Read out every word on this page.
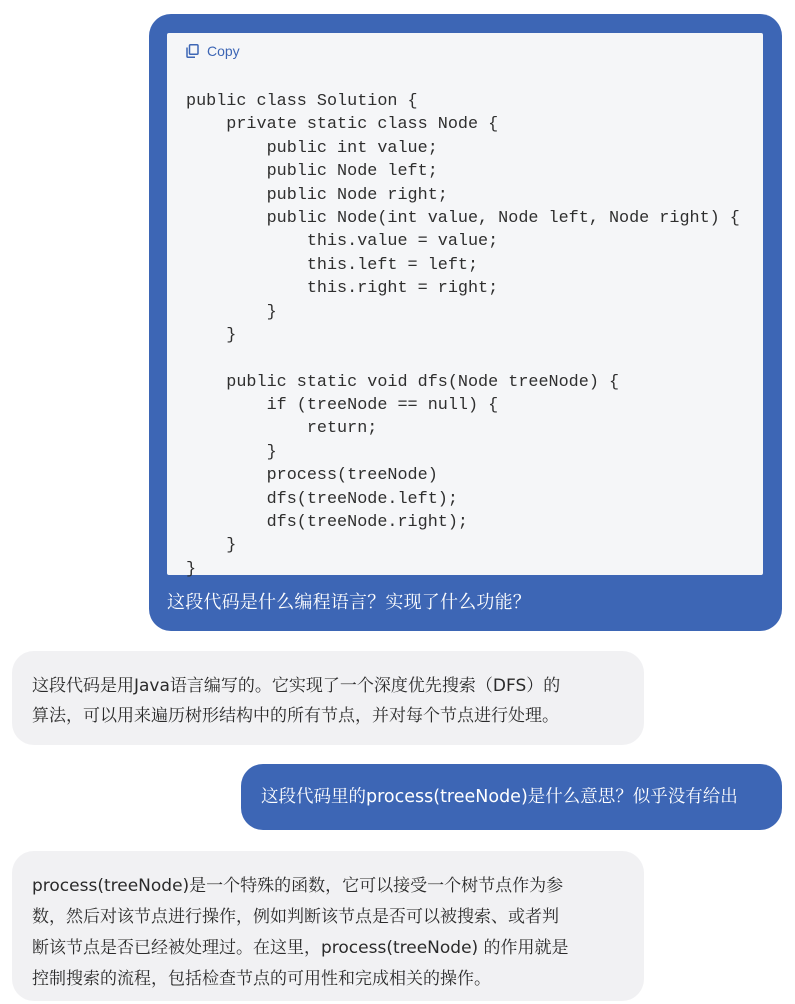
Copy
public class Solution {
private static class Node {
public int value;
public Node left;
public Node right;
public Node(int value, Node left, Node right) {
this.value = value;
this.left = left;
this.right = right;
}
}
public static void dfs(Node treeNode) {
if (treeNode == null) {
return;
}
process(treeNode)
dfs(treeNode.left);
dfs(treeNode.right);
}
}
这段代码是什么编程语言？实现了什么功能？
这段代码是用Java语言编写的。它实现了一个深度优先搜索（DFS）的
算法，可以用来遍历树形结构中的所有节点，并对每个节点进行处理。
这段代码里的process(treeNode)是什么意思？似乎没有给出
process(treeNode)是一个特殊的函数，它可以接受一个树节点作为参
数，然后对该节点进行操作，例如判断该节点是否可以被搜索、或者判
断该节点是否已经被处理过。在这里，process(treeNode) 的作用就是
控制搜索的流程，包括检查节点的可用性和完成相关的操作。
